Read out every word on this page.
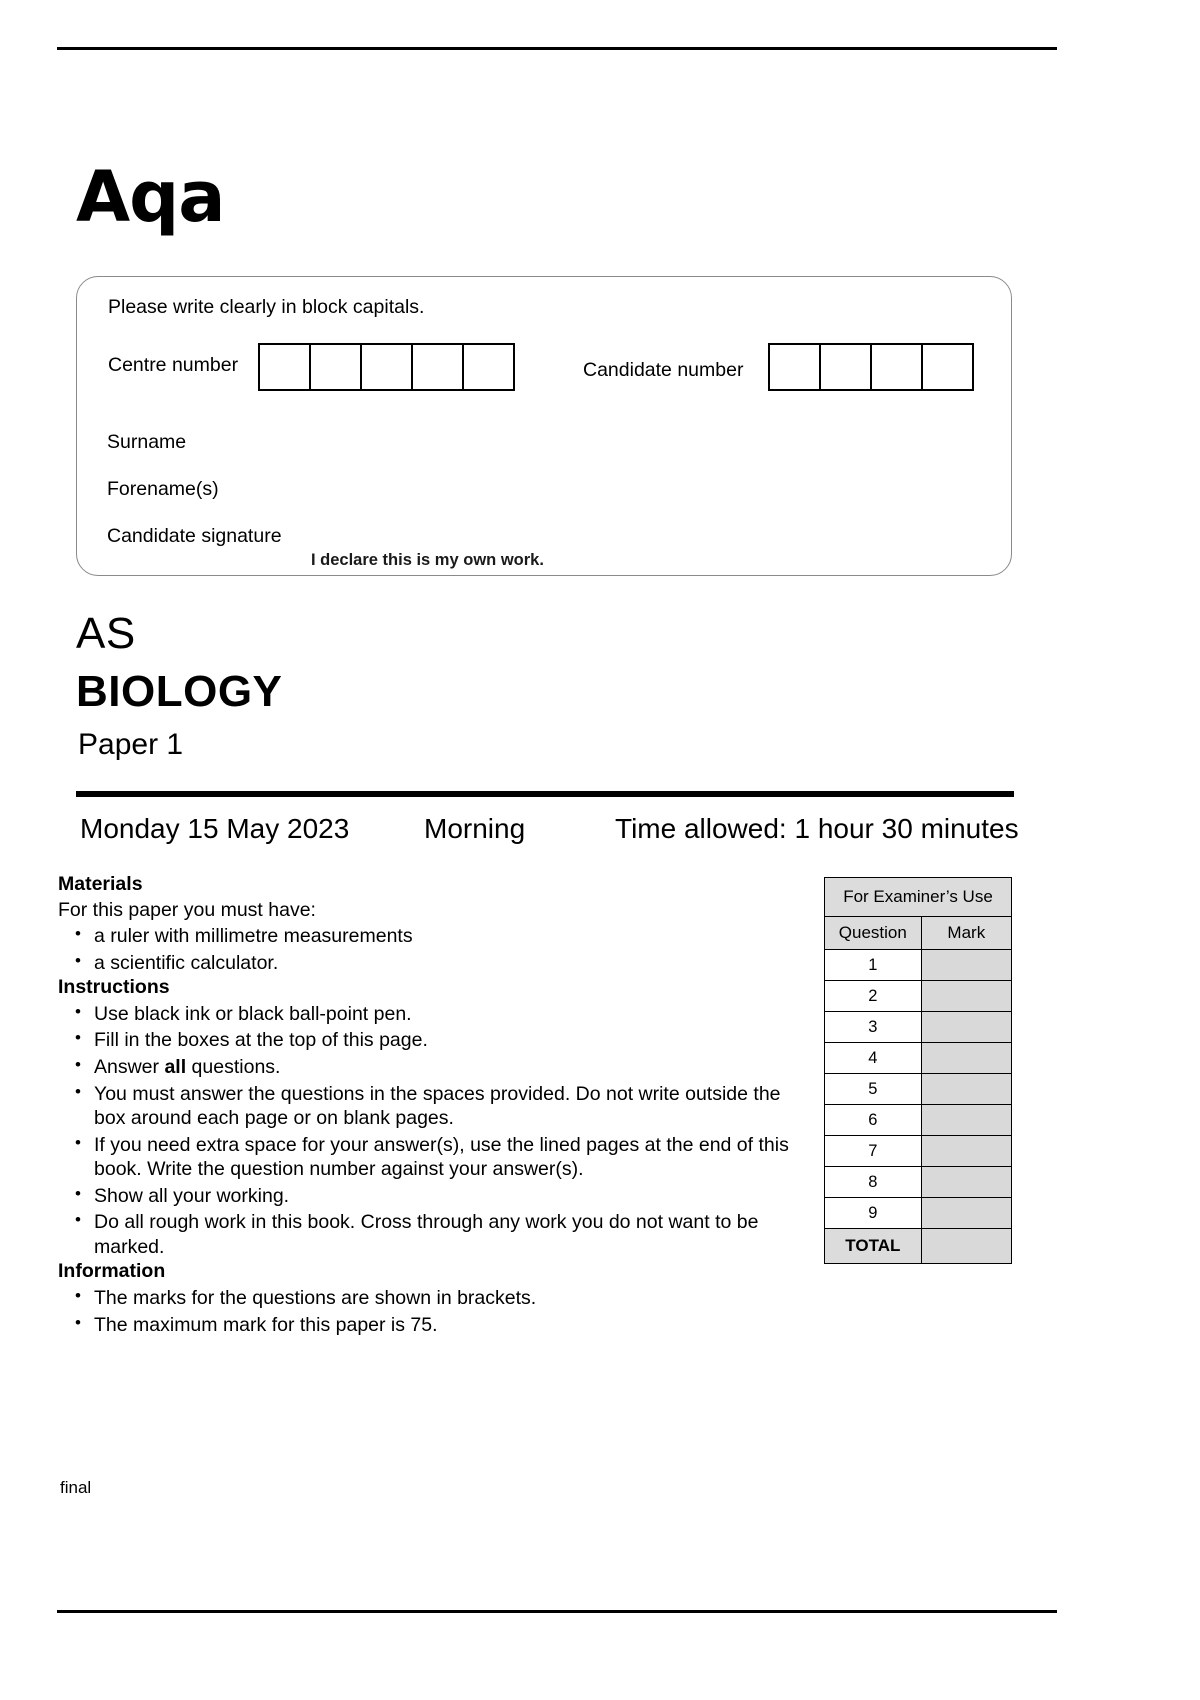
Aqa
Please write clearly in block capitals.
Centre number	Candidate number
Surname
Forename(s)
Candidate signature
I declare this is my own work.
AS
BIOLOGY
Paper 1
Monday 15 May 2023	Morning	Time allowed: 1 hour 30 minutes
Materials

For this paper you must have:

• a ruler with millimetre measurements
• a scientific calculator.
Instructions
• Use black ink or black ball-point pen.
• Fill in the boxes at the top of this page.
• Answer all questions.
• You must answer the questions in the spaces provided. Do not write outside the box around each page or on blank pages.
• If you need extra space for your answer(s), use the lined pages at the end of this book. Write the question number against your answer(s).
• Show all your working.
• Do all rough work in this book. Cross through any work you do not want to be marked.
Information
• The marks for the questions are shown in brackets.
• The maximum mark for this paper is 75.
For Examiner’s Use	
Question	Mark
1	
2	
3	
4	
5	
6	
7	
8	
9	
TOTAL	
final
